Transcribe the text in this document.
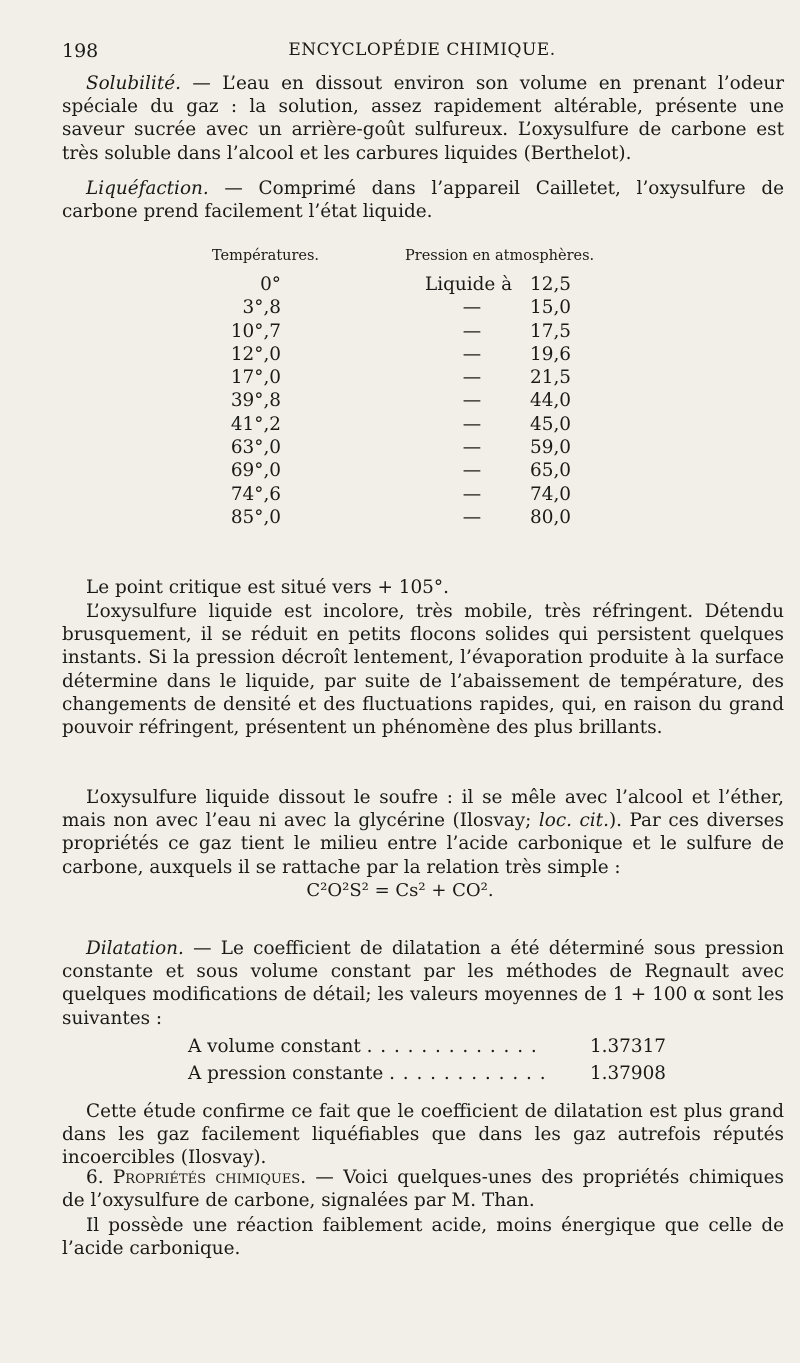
198	ENCYCLOPÉDIE CHIMIQUE.

Solubilité. — L’eau en dissout environ son volume en prenant l’odeur spéciale du gaz : la solution, assez rapidement altérable, présente une saveur sucrée avec un arrière-goût sulfureux. L’oxysulfure de carbone est très soluble dans l’alcool et les carbures liquides (Berthelot).

Liquéfaction. — Comprimé dans l’appareil Cailletet, l’oxysulfure de carbone prend facilement l’état liquide.

Températures.	Pression en atmosphères.
0°	Liquide à 12,5
3°,8	—	15,0
10°,7	—	17,5
12°,0	—	19,6
17°,0	—	21,5
39°,8	—	44,0
41°,2	—	45,0
63°,0	—	59,0
69°,0	—	65,0
74°,6	—	74,0
85°,0	—	80,0

Le point critique est situé vers + 105°.

L’oxysulfure liquide est incolore, très mobile, très réfringent. Détendu brusquement, il se réduit en petits flocons solides qui persistent quelques instants. Si la pression décroît lentement, l’évaporation produite à la surface détermine dans le liquide, par suite de l’abaissement de température, des changements de densité et des fluctuations rapides, qui, en raison du grand pouvoir réfringent, présentent un phénomène des plus brillants.

L’oxysulfure liquide dissout le soufre : il se mêle avec l’alcool et l’éther, mais non avec l’eau ni avec la glycérine (Ilosvay; loc. cit.). Par ces diverses propriétés ce gaz tient le milieu entre l’acide carbonique et le sulfure de carbone, auxquels il se rattache par la relation très simple :

C²O²S² = Cs² + CO².

Dilatation. — Le coefficient de dilatation a été déterminé sous pression constante et sous volume constant par les méthodes de Regnault avec quelques modifications de détail; les valeurs moyennes de 1 + 100 α sont les suivantes :

A volume constant . . . . . . . . . . . . .	1.37317
A pression constante . . . . . . . . . . . . 1.37908

Cette étude confirme ce fait que le coefficient de dilatation est plus grand dans les gaz facilement liquéfiables que dans les gaz autrefois réputés incoercibles (Ilosvay).

6. Propriétés chimiques. — Voici quelques-unes des propriétés chimiques de l’oxysulfure de carbone, signalées par M. Than.

Il possède une réaction faiblement acide, moins énergique que celle de l’acide carbonique.
